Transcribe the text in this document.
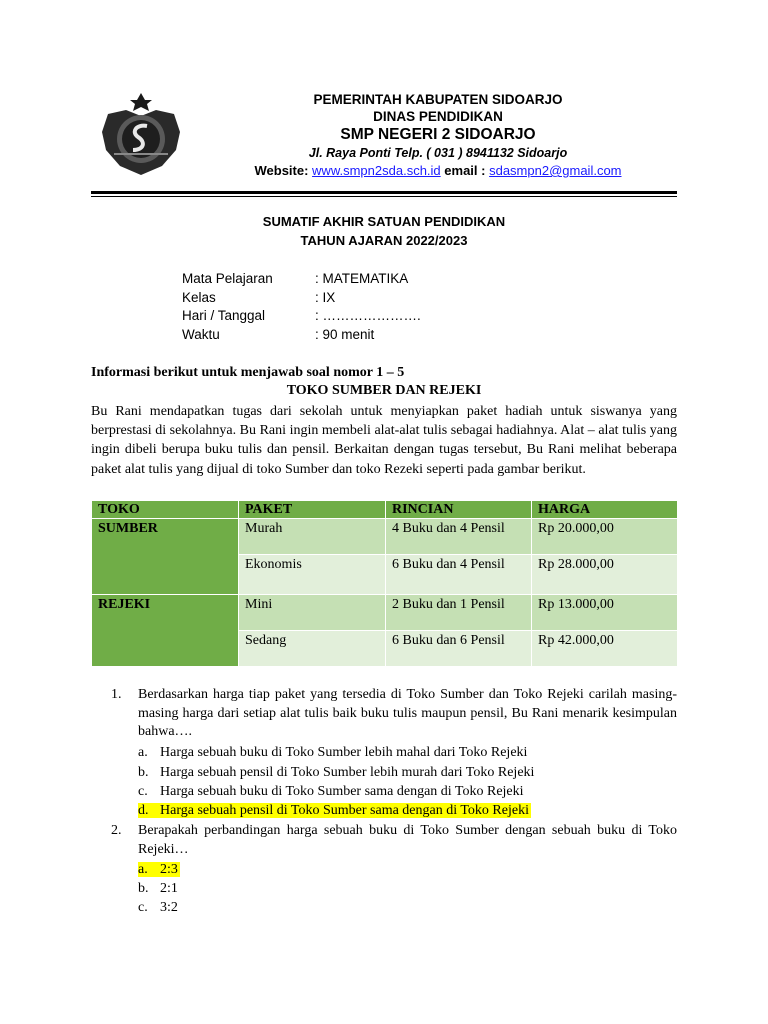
PEMERINTAH KABUPATEN SIDOARJO
DINAS PENDIDIKAN
SMP NEGERI 2 SIDOARJO
Jl. Raya Ponti Telp. ( 031 ) 8941132 Sidoarjo
Website: www.smpn2sda.sch.id email : sdasmpn2@gmail.com
SUMATIF AKHIR SATUAN PENDIDIKAN
TAHUN AJARAN 2022/2023
Mata Pelajaran	: MATEMATIKA
Kelas	: IX
Hari / Tanggal	: ………………….
Waktu	: 90 menit
Informasi berikut untuk menjawab soal nomor 1 – 5
TOKO SUMBER DAN REJEKI

Bu Rani mendapatkan tugas dari sekolah untuk menyiapkan paket hadiah untuk siswanya yang berprestasi di sekolahnya. Bu Rani ingin membeli alat-alat tulis sebagai hadiahnya. Alat – alat tulis yang ingin dibeli berupa buku tulis dan pensil. Berkaitan dengan tugas tersebut, Bu Rani melihat beberapa paket alat tulis yang dijual di toko Sumber dan toko Rezeki seperti pada gambar berikut.

TOKO	PAKET	RINCIAN	HARGA

SUMBER	Murah	4 Buku dan 4 Pensil	Rp 20.000,00

	Ekonomis	6 Buku dan 4 Pensil	Rp 28.000,00

REJEKI	Mini	2 Buku dan 1 Pensil	Rp 13.000,00

	Sedang	6 Buku dan 6 Pensil	Rp 42.000,00
1. Berdasarkan harga tiap paket yang tersedia di Toko Sumber dan Toko Rejeki carilah masing-masing harga dari setiap alat tulis baik buku tulis maupun pensil, Bu Rani menarik kesimpulan bahwa….

a. Harga sebuah buku di Toko Sumber lebih mahal dari Toko Rejeki
b. Harga sebuah pensil di Toko Sumber lebih murah dari Toko Rejeki
c. Harga sebuah buku di Toko Sumber sama dengan di Toko Rejeki
d. Harga sebuah pensil di Toko Sumber sama dengan di Toko Rejeki
2. Berapakah perbandingan harga sebuah buku di Toko Sumber dengan sebuah buku di Toko Rejeki…

a. 2:3
b. 2:1
c. 3:2
